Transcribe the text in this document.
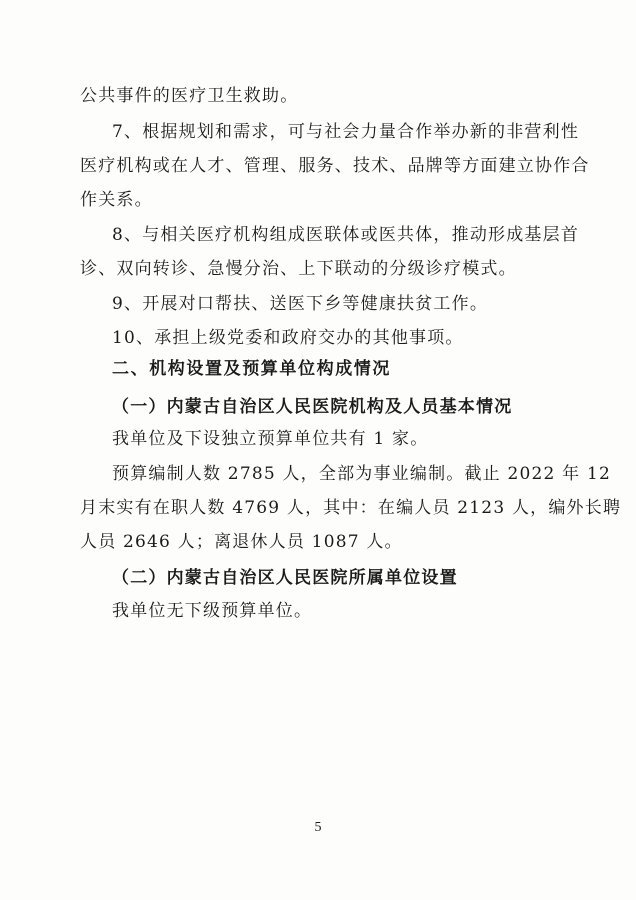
公共事件的医疗卫生救助。
7、根据规划和需求，可与社会力量合作举办新的非营利性
医疗机构或在人才、管理、服务、技术、品牌等方面建立协作合
作关系。
8、与相关医疗机构组成医联体或医共体，推动形成基层首
诊、双向转诊、急慢分治、上下联动的分级诊疗模式。
9、开展对口帮扶、送医下乡等健康扶贫工作。
10、承担上级党委和政府交办的其他事项。
二、机构设置及预算单位构成情况
（一）内蒙古自治区人民医院机构及人员基本情况
我单位及下设独立预算单位共有 1 家。
预算编制人数 2785 人，全部为事业编制。截止 2022 年 12
月末实有在职人数 4769 人，其中：在编人员 2123 人，编外长聘
人员 2646 人；离退休人员 1087 人。
（二）内蒙古自治区人民医院所属单位设置
我单位无下级预算单位。
5
